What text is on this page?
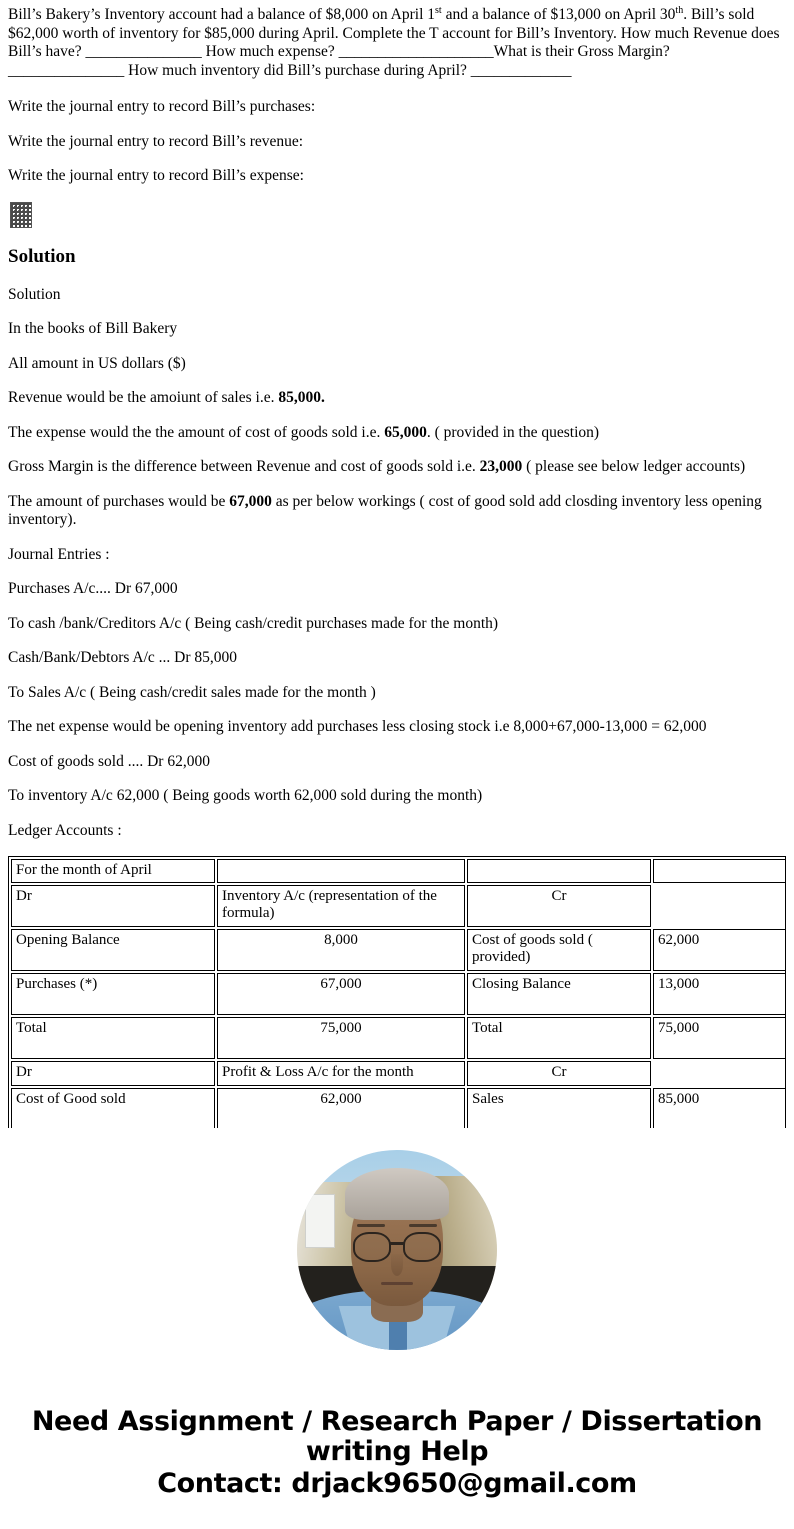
Bill’s Bakery’s Inventory account had a balance of $8,000 on April 1st and a balance of $13,000 on April 30th. Bill’s sold $62,000 worth of inventory for $85,000 during April. Complete the T account for Bill’s Inventory. How much Revenue does Bill’s have? _______________ How much expense? ____________________What is their Gross Margin? _______________ How much inventory did Bill’s purchase during April? _____________

Write the journal entry to record Bill’s purchases:

Write the journal entry to record Bill’s revenue:

Write the journal entry to record Bill’s expense:

Solution

Solution

In the books of Bill Bakery

All amount in US dollars ($)

Revenue would be the amoiunt of sales i.e. 85,000.

The expense would the the amount of cost of goods sold i.e. 65,000. ( provided in the question)

Gross Margin is the difference between Revenue and cost of goods sold i.e. 23,000 ( please see below ledger accounts)

The amount of purchases would be 67,000 as per below workings ( cost of good sold add closding inventory less opening inventory).

Journal Entries :

Purchases A/c.... Dr 67,000

To cash /bank/Creditors A/c ( Being cash/credit purchases made for the month)

Cash/Bank/Debtors A/c ... Dr 85,000

To Sales A/c ( Being cash/credit sales made for the month )

The net expense would be opening inventory add purchases less closing stock i.e 8,000+67,000-13,000 = 62,000

Cost of goods sold .... Dr 62,000

To inventory A/c 62,000 ( Being goods worth 62,000 sold during the month)

Ledger Accounts :

For the month of April			
Dr	Inventory A/c (representation of the formula)	Cr	
Opening Balance	8,000	Cost of goods sold ( provided)	62,000
Purchases (*)	67,000	Closing Balance	13,000
Total	75,000	Total	75,000
Dr	Profit & Loss A/c for the month	Cr	
Cost of Good sold	62,000	Sales	85,000
Need Assignment / Research Paper / Dissertation writing Help
Contact: drjack9650@gmail.com
